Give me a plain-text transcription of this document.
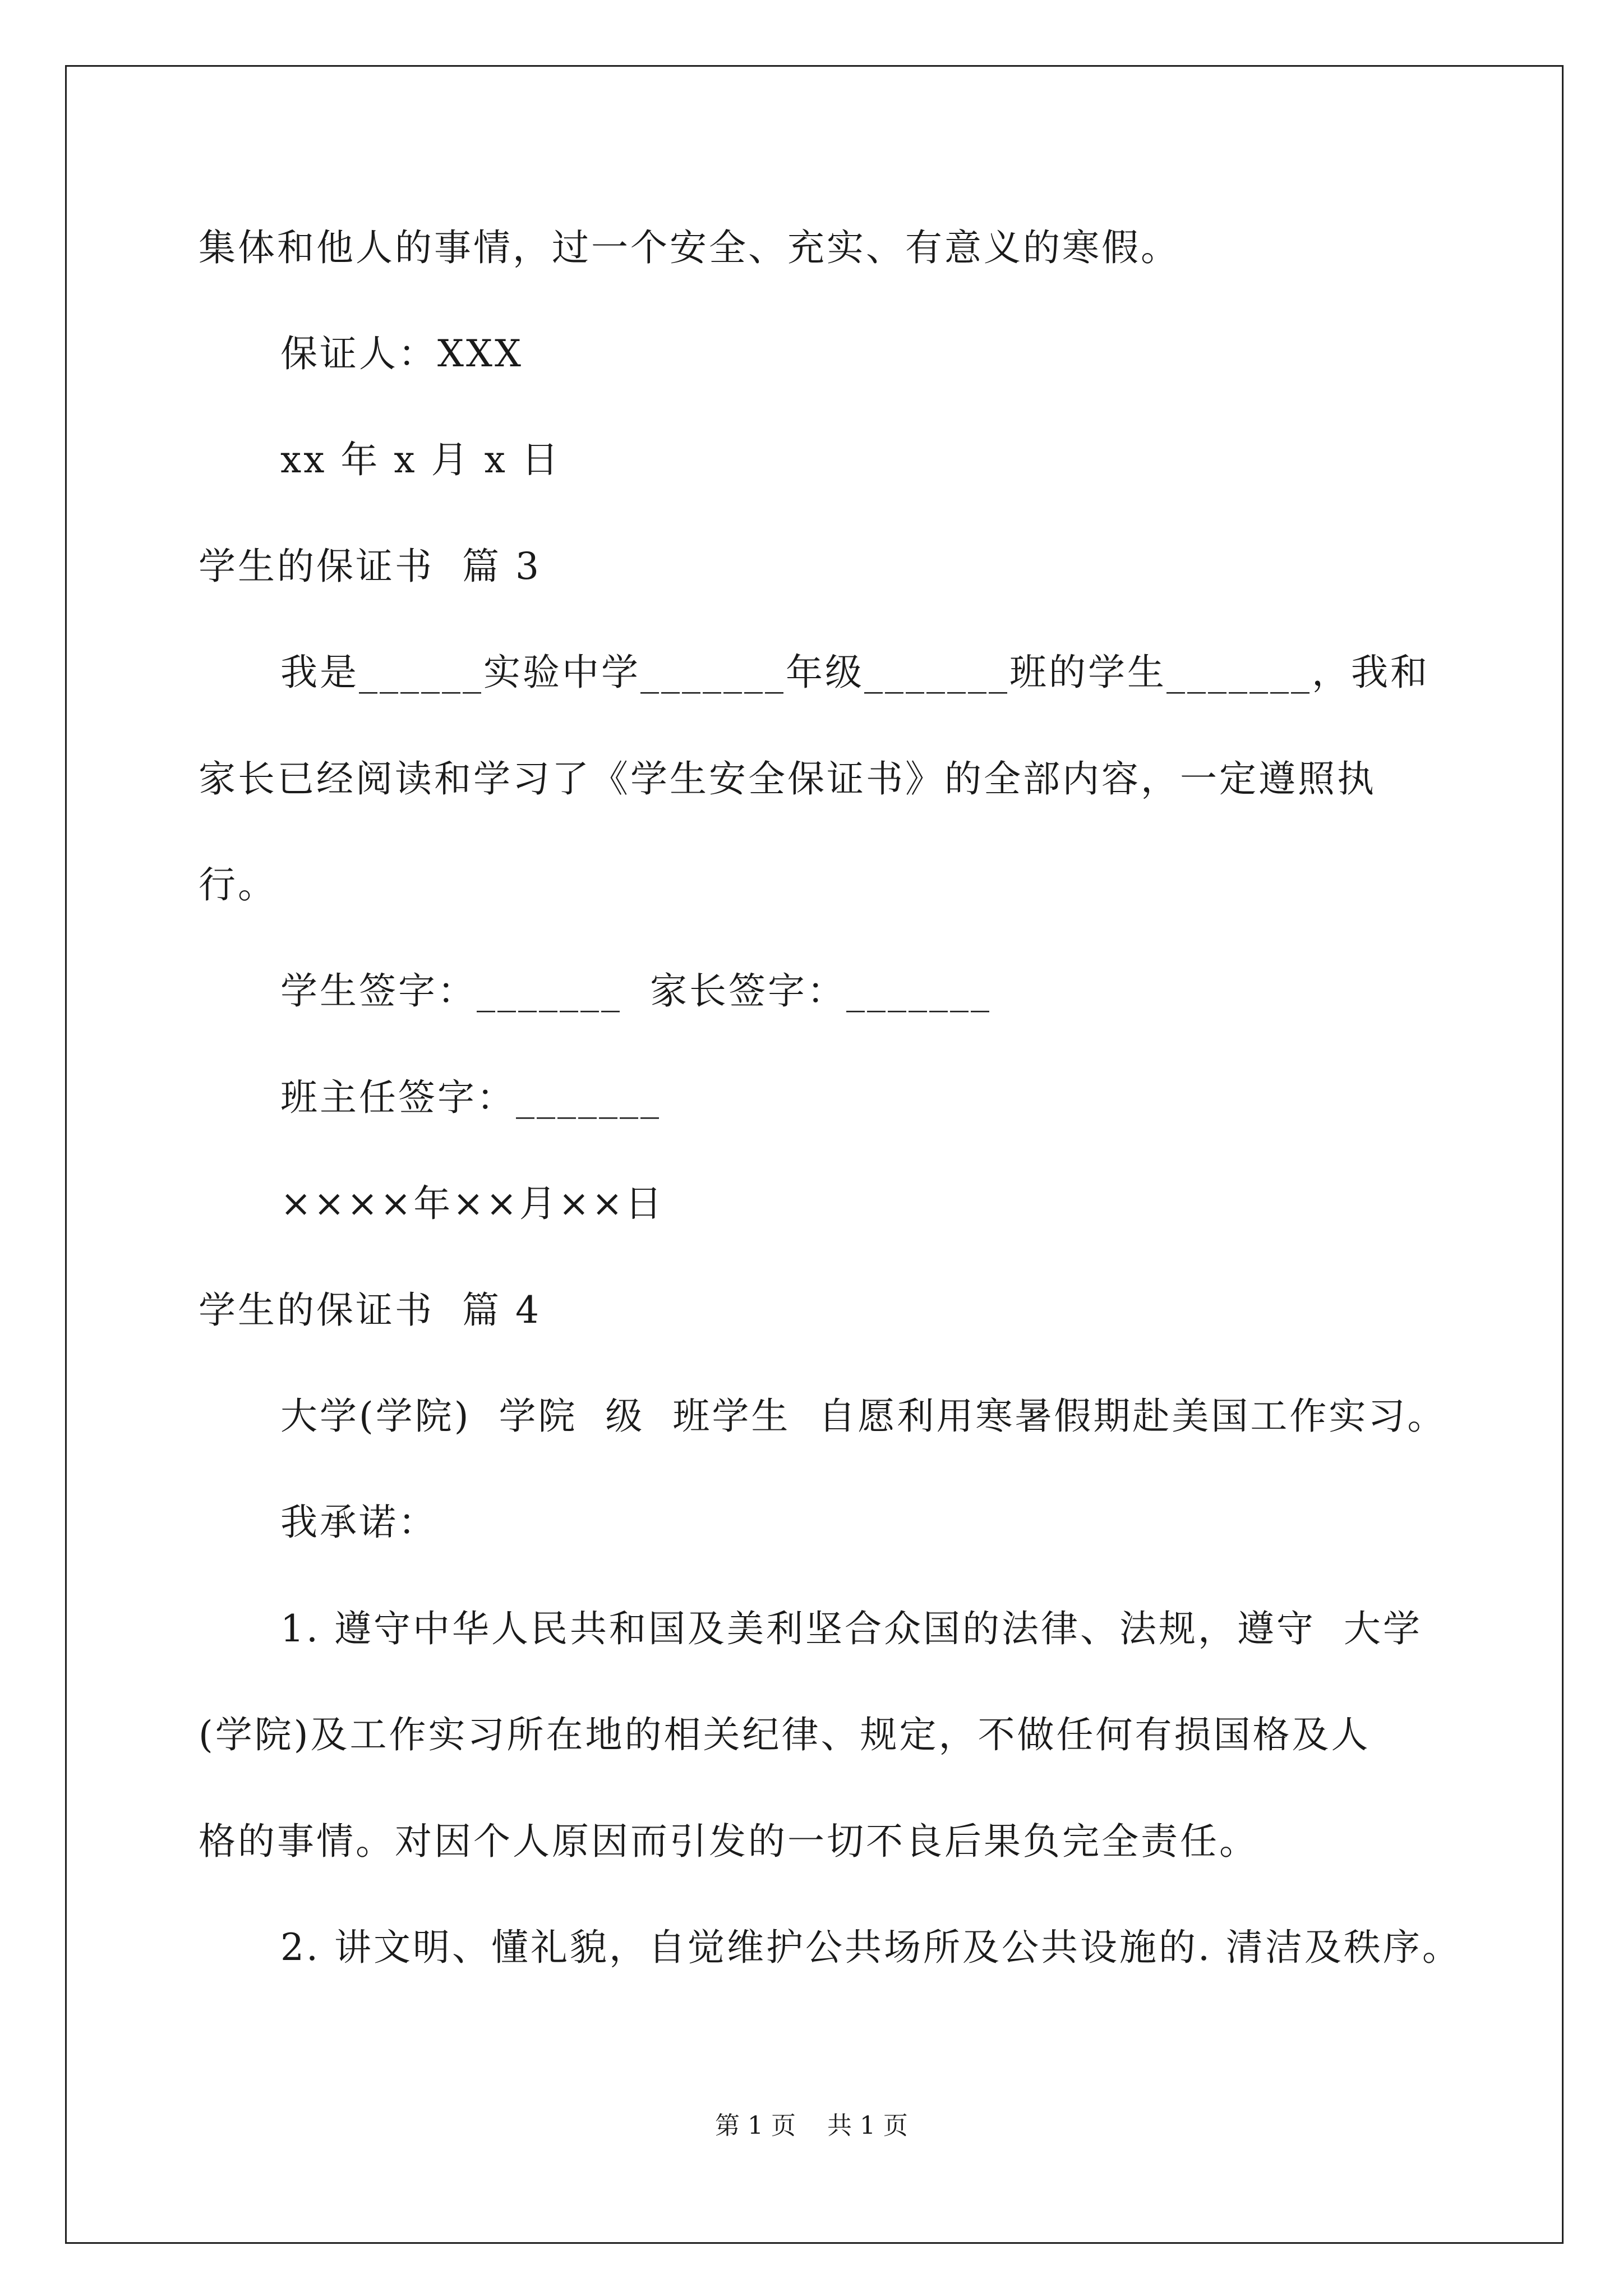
集体和他人的事情，过一个安全、充实、有意义的寒假。
保证人：XXX
xx 年 x 月 x 日
学生的保证书  篇 3
我是______实验中学_______年级_______班的学生_______，我和
家长已经阅读和学习了《学生安全保证书》的全部内容，一定遵照执
行。
学生签字：_______  家长签字：_______
班主任签字：_______
××××年××月××日
学生的保证书  篇 4
大学(学院)  学院  级  班学生  自愿利用寒暑假期赴美国工作实习。
我承诺：
1. 遵守中华人民共和国及美利坚合众国的法律、法规，遵守  大学
(学院)及工作实习所在地的相关纪律、规定，不做任何有损国格及人
格的事情。对因个人原因而引发的一切不良后果负完全责任。
2. 讲文明、懂礼貌，自觉维护公共场所及公共设施的. 清洁及秩序。
第 1 页    共 1 页
